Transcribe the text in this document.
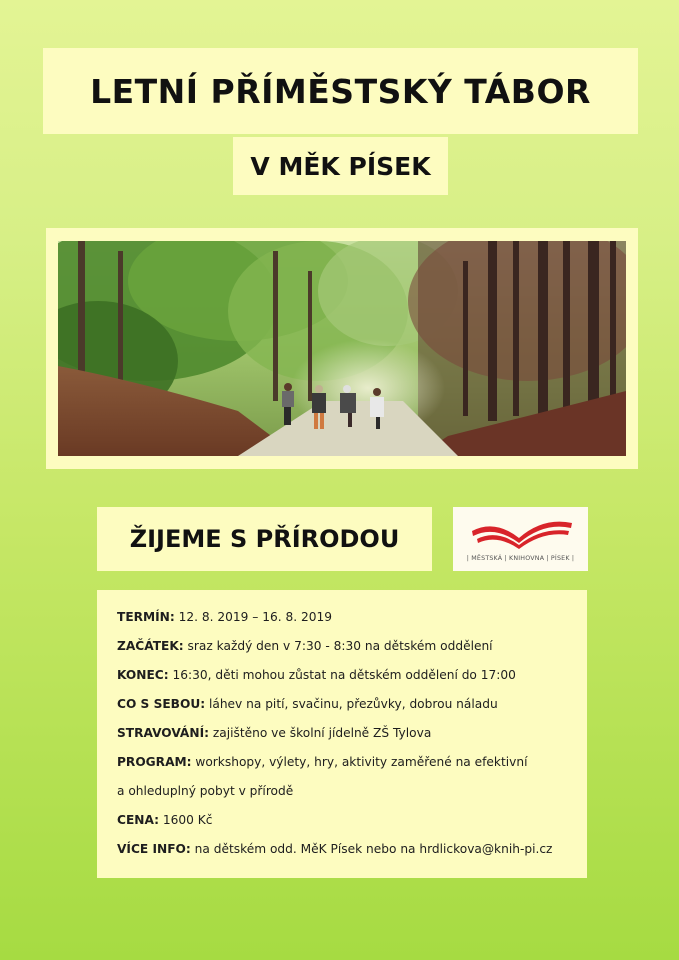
LETNÍ PŘÍMĚSTSKÝ TÁBOR
V MĚK PÍSEK
ŽIJEME S PŘÍRODOU
| MĚSTSKÁ | KNIHOVNA | PÍSEK |
TERMÍN: 12. 8. 2019 – 16. 8. 2019
ZAČÁTEK: sraz každý den v 7:30 - 8:30 na dětském oddělení
KONEC: 16:30, děti mohou zůstat na dětském oddělení do 17:00
CO S SEBOU: láhev na pití, svačinu, přezůvky, dobrou náladu
STRAVOVÁNÍ: zajištěno ve školní jídelně ZŠ Tylova
PROGRAM: workshopy, výlety, hry, aktivity zaměřené na efektivní
a ohleduplný pobyt v přírodě
CENA: 1600 Kč
VÍCE INFO: na dětském odd. MěK Písek nebo na hrdlickova@knih-pi.cz
